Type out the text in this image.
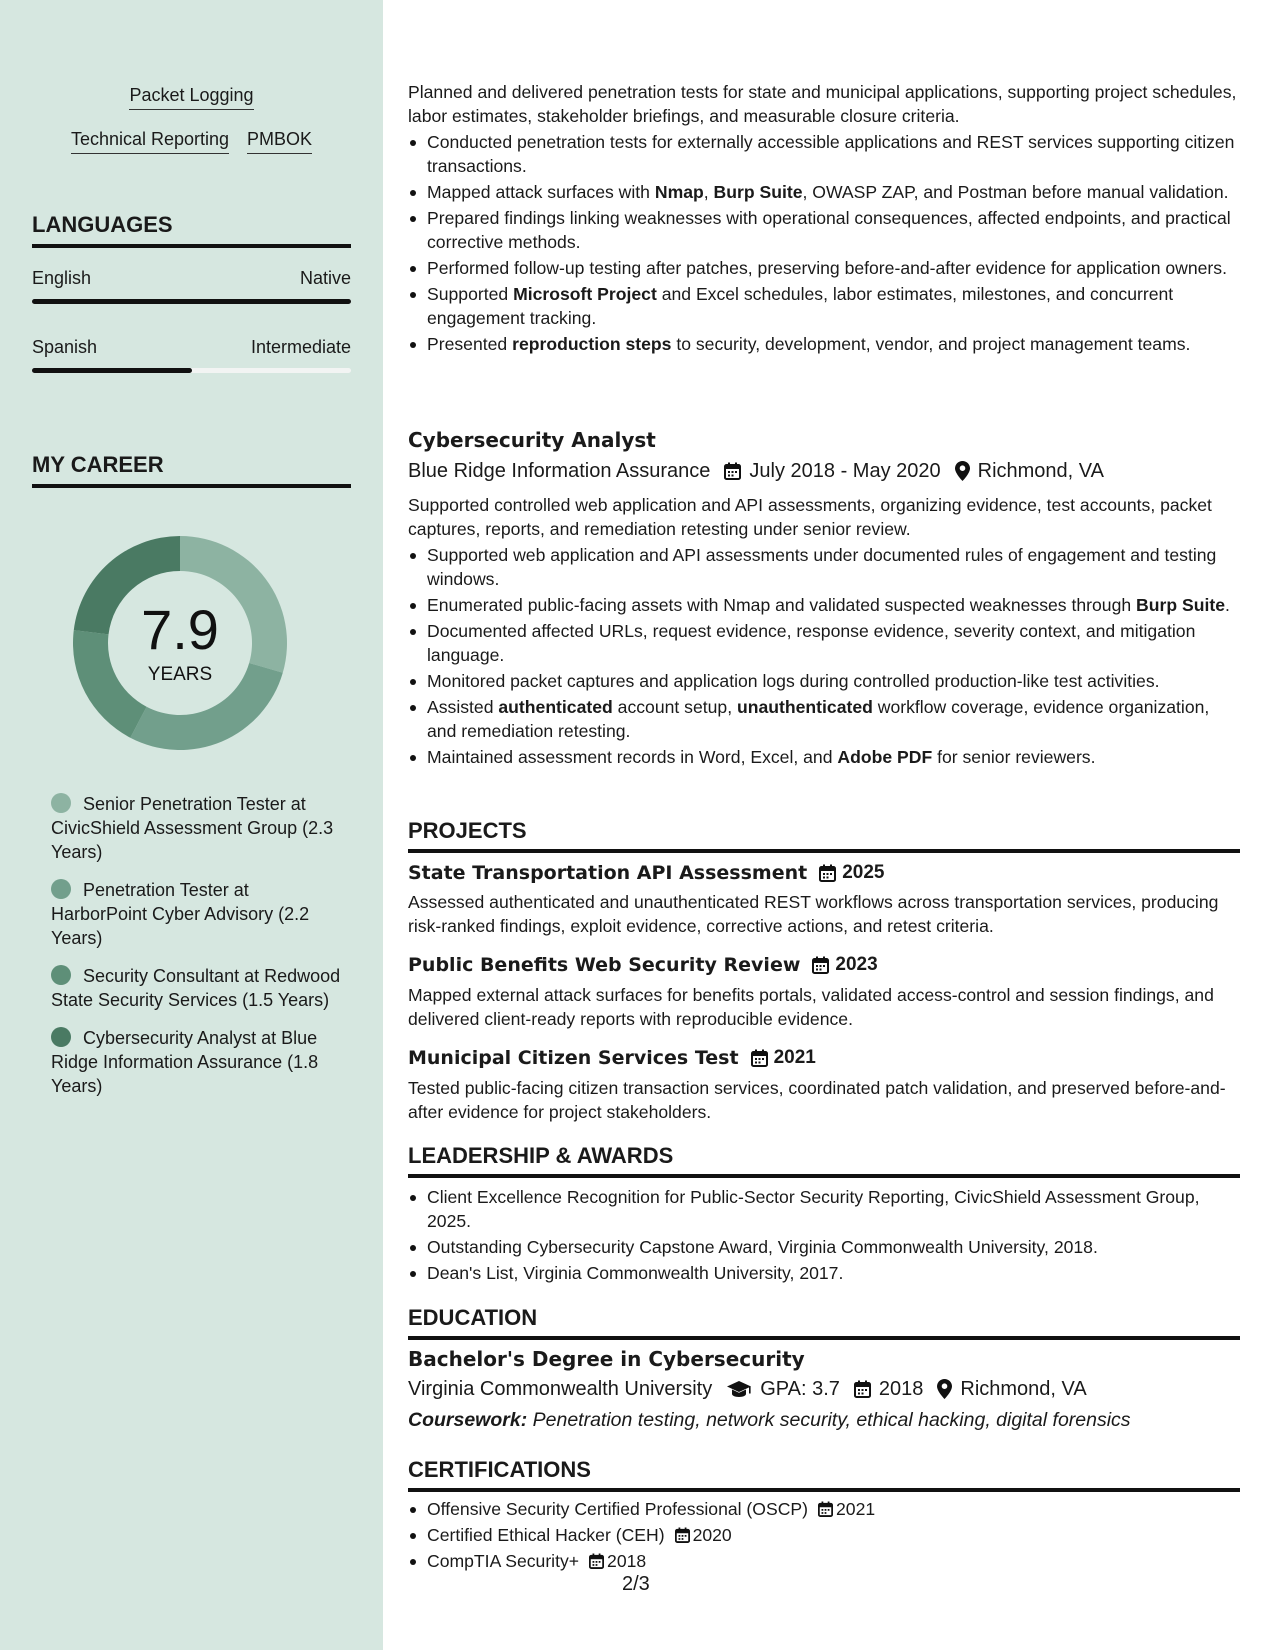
Packet Logging
Technical Reporting PMBOK
LANGUAGES
English	Native
Spanish	Intermediate
MY CAREER
7.9
YEARS
Senior Penetration Tester at CivicShield Assessment Group (2.3 Years)
Penetration Tester at HarborPoint Cyber Advisory (2.2 Years)
Security Consultant at Redwood State Security Services (1.5 Years)
Cybersecurity Analyst at Blue Ridge Information Assurance (1.8 Years)

Planned and delivered penetration tests for state and municipal applications, supporting project schedules, labor estimates, stakeholder briefings, and measurable closure criteria.

Conducted penetration tests for externally accessible applications and REST services supporting citizen transactions.
Mapped attack surfaces with Nmap, Burp Suite, OWASP ZAP, and Postman before manual validation.
Prepared findings linking weaknesses with operational consequences, affected endpoints, and practical corrective methods.
Performed follow-up testing after patches, preserving before-and-after evidence for application owners.
Supported Microsoft Project and Excel schedules, labor estimates, milestones, and concurrent engagement tracking.
Presented reproduction steps to security, development, vendor, and project management teams.
Cybersecurity Analyst
Blue Ridge Information Assurance July 2018 - May 2020 Richmond, VA

Supported controlled web application and API assessments, organizing evidence, test accounts, packet captures, reports, and remediation retesting under senior review.

Supported web application and API assessments under documented rules of engagement and testing windows.
Enumerated public-facing assets with Nmap and validated suspected weaknesses through Burp Suite.
Documented affected URLs, request evidence, response evidence, severity context, and mitigation language.
Monitored packet captures and application logs during controlled production-like test activities.
Assisted authenticated account setup, unauthenticated workflow coverage, evidence organization, and remediation retesting.
Maintained assessment records in Word, Excel, and Adobe PDF for senior reviewers.
PROJECTS
State Transportation API Assessment 2025

Assessed authenticated and unauthenticated REST workflows across transportation services, producing risk-ranked findings, exploit evidence, corrective actions, and retest criteria.

Public Benefits Web Security Review 2023

Mapped external attack surfaces for benefits portals, validated access-control and session findings, and delivered client-ready reports with reproducible evidence.

Municipal Citizen Services Test 2021

Tested public-facing citizen transaction services, coordinated patch validation, and preserved before-and-after evidence for project stakeholders.

LEADERSHIP & AWARDS
Client Excellence Recognition for Public-Sector Security Reporting, CivicShield Assessment Group, 2025.
Outstanding Cybersecurity Capstone Award, Virginia Commonwealth University, 2018.
Dean's List, Virginia Commonwealth University, 2017.
EDUCATION
Bachelor's Degree in Cybersecurity
Virginia Commonwealth University GPA: 3.7 2018 Richmond, VA
Coursework: Penetration testing, network security, ethical hacking, digital forensics
CERTIFICATIONS
Offensive Security Certified Professional (OSCP) 2021
Certified Ethical Hacker (CEH) 2020
CompTIA Security+ 2018
2/3
